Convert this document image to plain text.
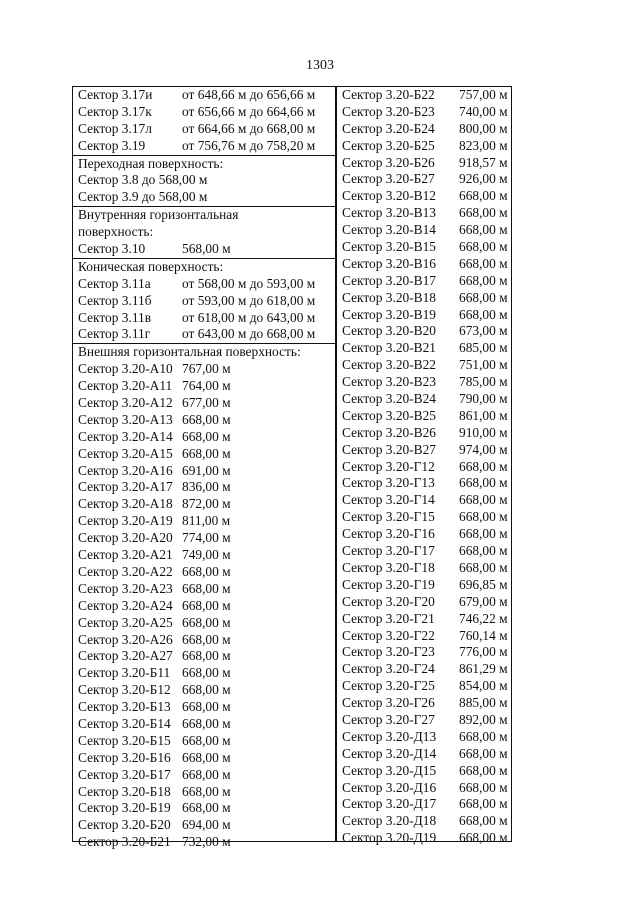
1303
Сектор 3.17и от 648,66 м до 656,66 м
Сектор 3.17к от 656,66 м до 664,66 м
Сектор 3.17л от 664,66 м до 668,00 м
Сектор 3.19	от 756,76 м до 758,20 м
Переходная поверхность:
Сектор 3.8 до 568,00 м
Сектор 3.9 до 568,00 м
Внутренняя горизонтальная
поверхность:
Сектор 3.10	568,00 м
Коническая поверхность:
Сектор 3.11а от 568,00 м до 593,00 м
Сектор 3.11б от 593,00 м до 618,00 м
Сектор 3.11в от 618,00 м до 643,00 м
Сектор 3.11г от 643,00 м до 668,00 м
Внешняя горизонтальная поверхность:
Сектор 3.20-А10 767,00 м
Сектор 3.20-А11 764,00 м
Сектор 3.20-А12 677,00 м
Сектор 3.20-А13 668,00 м
Сектор 3.20-А14 668,00 м
Сектор 3.20-А15 668,00 м
Сектор 3.20-А16 691,00 м
Сектор 3.20-А17 836,00 м
Сектор 3.20-А18 872,00 м
Сектор 3.20-А19 811,00 м
Сектор 3.20-А20 774,00 м
Сектор 3.20-А21 749,00 м
Сектор 3.20-А22 668,00 м
Сектор 3.20-А23 668,00 м
Сектор 3.20-А24 668,00 м
Сектор 3.20-А25 668,00 м
Сектор 3.20-А26 668,00 м
Сектор 3.20-А27 668,00 м
Сектор 3.20-Б11 668,00 м
Сектор 3.20-Б12 668,00 м
Сектор 3.20-Б13 668,00 м
Сектор 3.20-Б14 668,00 м
Сектор 3.20-Б15 668,00 м
Сектор 3.20-Б16 668,00 м
Сектор 3.20-Б17 668,00 м
Сектор 3.20-Б18 668,00 м
Сектор 3.20-Б19 668,00 м
Сектор 3.20-Б20 694,00 м
Сектор 3.20-Б21 732,00 м
Сектор 3.20-Б22 757,00 м
Сектор 3.20-Б23 740,00 м
Сектор 3.20-Б24 800,00 м
Сектор 3.20-Б25 823,00 м
Сектор 3.20-Б26 918,57 м
Сектор 3.20-Б27 926,00 м
Сектор 3.20-В12 668,00 м
Сектор 3.20-В13 668,00 м
Сектор 3.20-В14 668,00 м
Сектор 3.20-В15 668,00 м
Сектор 3.20-В16 668,00 м
Сектор 3.20-В17 668,00 м
Сектор 3.20-В18 668,00 м
Сектор 3.20-В19 668,00 м
Сектор 3.20-В20 673,00 м
Сектор 3.20-В21 685,00 м
Сектор 3.20-В22 751,00 м
Сектор 3.20-В23 785,00 м
Сектор 3.20-В24 790,00 м
Сектор 3.20-В25 861,00 м
Сектор 3.20-В26 910,00 м
Сектор 3.20-В27 974,00 м
Сектор 3.20-Г12 668,00 м
Сектор 3.20-Г13 668,00 м
Сектор 3.20-Г14 668,00 м
Сектор 3.20-Г15 668,00 м
Сектор 3.20-Г16 668,00 м
Сектор 3.20-Г17 668,00 м
Сектор 3.20-Г18 668,00 м
Сектор 3.20-Г19 696,85 м
Сектор 3.20-Г20 679,00 м
Сектор 3.20-Г21 746,22 м
Сектор 3.20-Г22 760,14 м
Сектор 3.20-Г23 776,00 м
Сектор 3.20-Г24 861,29 м
Сектор 3.20-Г25 854,00 м
Сектор 3.20-Г26 885,00 м
Сектор 3.20-Г27 892,00 м
Сектор 3.20-Д13 668,00 м
Сектор 3.20-Д14 668,00 м
Сектор 3.20-Д15 668,00 м
Сектор 3.20-Д16 668,00 м
Сектор 3.20-Д17 668,00 м
Сектор 3.20-Д18 668,00 м
Сектор 3.20-Д19 668,00 м
